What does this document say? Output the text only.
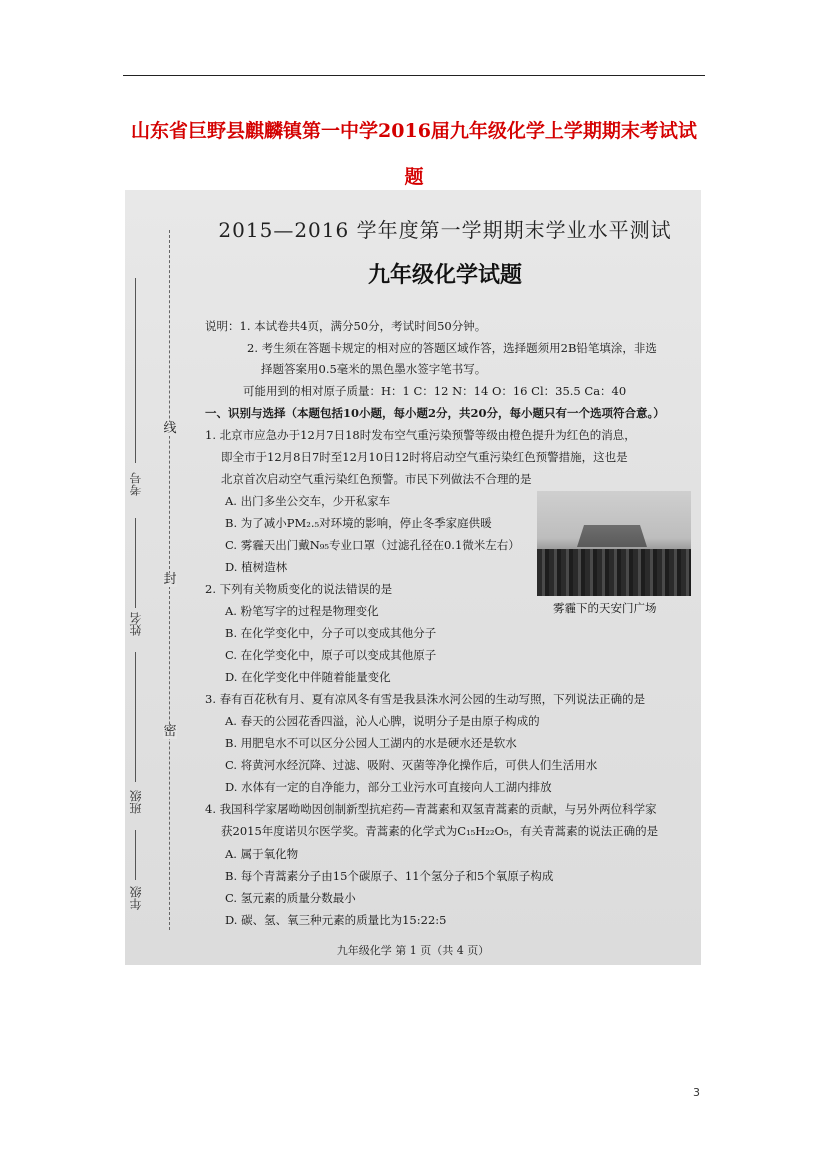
山东省巨野县麒麟镇第一中学2016届九年级化学上学期期末考试试
题
线
封
密
考号
姓名
班级
年级
2015—2016 学年度第一学期期末学业水平测试
九年级化学试题
说明：1. 本试卷共4页，满分50分，考试时间50分钟。
2. 考生须在答题卡规定的相对应的答题区域作答，选择题须用2B铅笔填涂，非选
择题答案用0.5毫米的黑色墨水签字笔书写。
可能用到的相对原子质量：H：1 C：12 N：14 O：16 Cl：35.5 Ca：40
一、识别与选择（本题包括10小题，每小题2分，共20分，每小题只有一个选项符合意。）
1. 北京市应急办于12月7日18时发布空气重污染预警等级由橙色提升为红色的消息，
即全市于12月8日7时至12月10日12时将启动空气重污染红色预警措施，这也是
北京首次启动空气重污染红色预警。市民下列做法不合理的是
A. 出门多坐公交车，少开私家车
B. 为了减小PM₂.₅对环境的影响，停止冬季家庭供暖
C. 雾霾天出门戴N₉₅专业口罩（过滤孔径在0.1微米左右）
D. 植树造林
2. 下列有关物质变化的说法错误的是
A. 粉笔写字的过程是物理变化
B. 在化学变化中，分子可以变成其他分子
C. 在化学变化中，原子可以变成其他原子
D. 在化学变化中伴随着能量变化
3. 春有百花秋有月、夏有凉风冬有雪是我县洙水河公园的生动写照，下列说法正确的是
A. 春天的公园花香四溢，沁人心脾，说明分子是由原子构成的
B. 用肥皂水不可以区分公园人工湖内的水是硬水还是软水
C. 将黄河水经沉降、过滤、吸附、灭菌等净化操作后，可供人们生活用水
D. 水体有一定的自净能力，部分工业污水可直接向人工湖内排放
4. 我国科学家屠呦呦因创制新型抗疟药—青蒿素和双氢青蒿素的贡献，与另外两位科学家
获2015年度诺贝尔医学奖。青蒿素的化学式为C₁₅H₂₂O₅，有关青蒿素的说法正确的是
A. 属于氧化物
B. 每个青蒿素分子由15个碳原子、11个氢分子和5个氧原子构成
C. 氢元素的质量分数最小
D. 碳、氢、氧三种元素的质量比为15:22:5
雾霾下的天安门广场
九年级化学 第 1 页（共 4 页）
3
